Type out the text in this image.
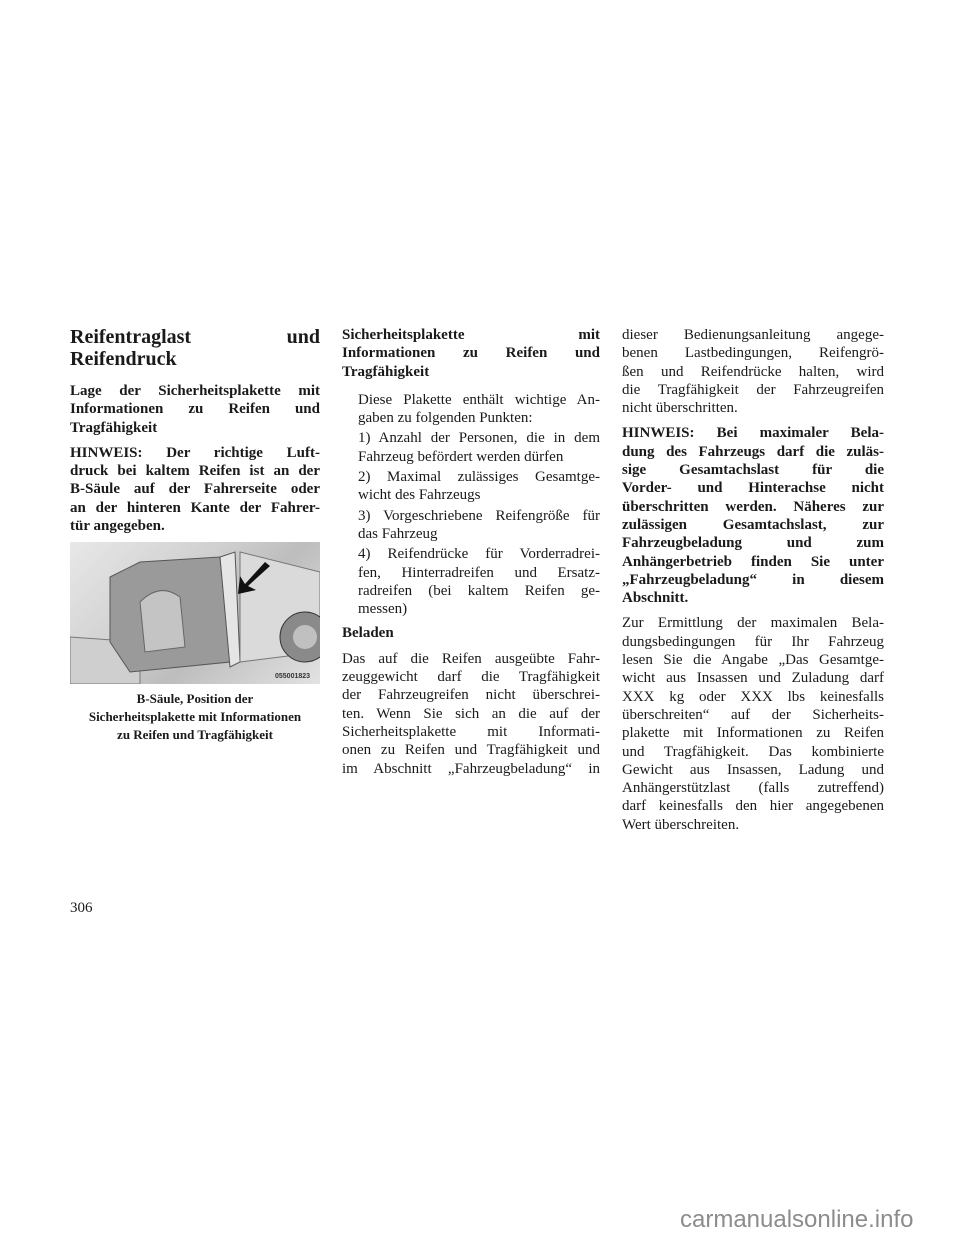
Reifentraglast und
Reifendruck

Lage der Sicherheitsplakette mit
Informationen zu Reifen und
Tragfähigkeit

HINWEIS: Der richtige Luft-
druck bei kaltem Reifen ist an der
B-Säule auf der Fahrerseite oder
an der hinteren Kante der Fahrer-
tür angegeben.

055001823
B-Säule, Position der
Sicherheitsplakette mit Informationen
zu Reifen und Tragfähigkeit

Sicherheitsplakette mit
Informationen zu Reifen und
Tragfähigkeit

Diese Plakette enthält wichtige An-
gaben zu folgenden Punkten:

1) Anzahl der Personen, die in dem
Fahrzeug befördert werden dürfen

2) Maximal zulässiges Gesamtge-
wicht des Fahrzeugs

3) Vorgeschriebene Reifengröße für
das Fahrzeug

4) Reifendrücke für Vorderradrei-
fen, Hinterradreifen und Ersatz-
radreifen (bei kaltem Reifen ge-
messen)

Beladen

Das auf die Reifen ausgeübte Fahr-
zeuggewicht darf die Tragfähigkeit
der Fahrzeugreifen nicht überschrei-
ten. Wenn Sie sich an die auf der
Sicherheitsplakette mit Informati-
onen zu Reifen und Tragfähigkeit und
im Abschnitt „Fahrzeugbeladung“ in

dieser Bedienungsanleitung angege-
benen Lastbedingungen, Reifengrö-
ßen und Reifendrücke halten, wird
die Tragfähigkeit der Fahrzeugreifen
nicht überschritten.

HINWEIS: Bei maximaler Bela-
dung des Fahrzeugs darf die zuläs-
sige Gesamtachslast für die
Vorder- und Hinterachse nicht
überschritten werden. Näheres zur
zulässigen Gesamtachslast, zur
Fahrzeugbeladung und zum
Anhängerbetrieb finden Sie unter
„Fahrzeugbeladung“ in diesem
Abschnitt.

Zur Ermittlung der maximalen Bela-
dungsbedingungen für Ihr Fahrzeug
lesen Sie die Angabe „Das Gesamtge-
wicht aus Insassen und Zuladung darf
XXX kg oder XXX lbs keinesfalls
überschreiten“ auf der Sicherheits-
plakette mit Informationen zu Reifen
und Tragfähigkeit. Das kombinierte
Gewicht aus Insassen, Ladung und
Anhängerstützlast (falls zutreffend)
darf keinesfalls den hier angegebenen
Wert überschreiten.

306
carmanualsonline.info
